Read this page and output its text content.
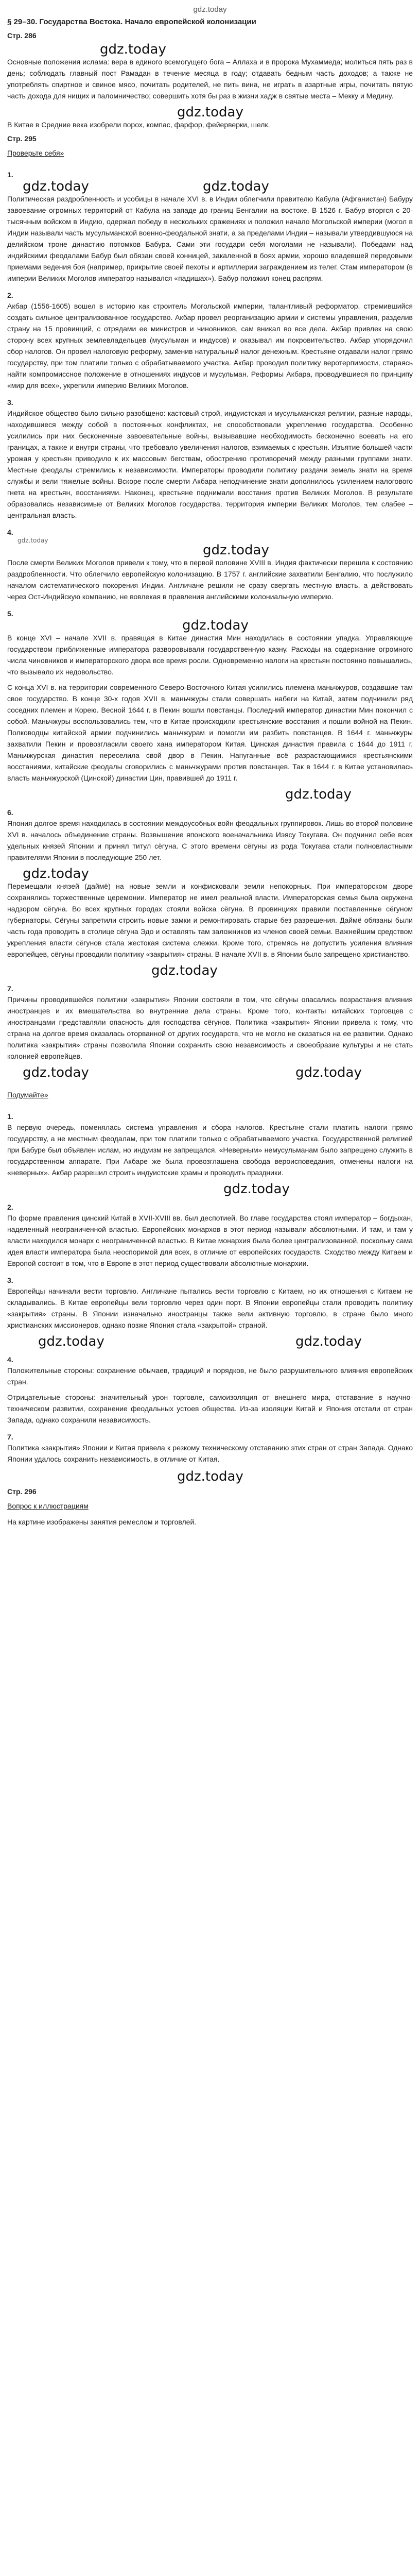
gdz.today
§ 29–30. Государства Востока. Начало европейской колонизации
Стр. 286
gdz.today

Основные положения ислама: вера в единого всемогущего бога – Аллаха и в пророка Мухаммеда; молиться пять раз в день; соблюдать главный пост Рамадан в течение месяца в году; отдавать бедным часть доходов; а также не употреблять спиртное и свиное мясо, почитать родителей, не пить вина, не играть в азартные игры, почитать пятую часть дохода для нищих и паломничество; совершить хотя бы раз в жизни хадж в святые места – Мекку и Медину.

gdz.today

В Китае в Средние века изобрели порох, компас, фарфор, фейерверки, шелк.

Стр. 295
Проверьте себя»
1.
gdz.today	gdz.today

Политическая раздробленность и усобицы в начале XVI в. в Индии облегчили правителю Кабула (Афганистан) Бабуру завоевание огромных территорий от Кабула на западе до границ Бенгалии на востоке. В 1526 г. Бабур вторгся с 20-тысячным войском в Индию, одержал победу в нескольких сражениях и положил начало Могольской империи (могол в Индии называли часть мусульманской военно-феодальной знати, а за пределами Индии – называли утвердившуюся на делийском троне династию потомков Бабура. Сами эти государи себя моголами не называли). Победами над индийскими феодалами Бабур был обязан своей конницей, закаленной в боях армии, хорошо владевшей передовыми приемами ведения боя (например, прикрытие своей пехоты и артиллерии заграждением из телег. Стам императором (в империи Великих Моголов император назывался «падишах»). Бабур положил конец распрям.

2.

Акбар (1556-1605) вошел в историю как строитель Могольской империи, талантливый реформатор, стремившийся создать сильное централизованное государство. Акбар провел реорганизацию армии и системы управления, разделив страну на 15 провинций, с отрядами ее министров и чиновников, сам вникал во все дела. Акбар привлек на свою сторону всех крупных землевладельцев (мусульман и индусов) и оказывал им покровительство. Акбар упорядочил сбор налогов. Он провел налоговую реформу, заменив натуральный налог денежным. Крестьяне отдавали налог прямо государству, при том платили только с обрабатываемого участка. Акбар проводил политику веротерпимости, стараясь найти компромиссное положение в отношениях индусов и мусульман. Реформы Акбара, проводившиеся по принципу «мир для всех», укрепили империю Великих Моголов.

3.

Индийское общество было сильно разобщено: кастовый строй, индуистская и мусульманская религии, разные народы, находившиеся между собой в постоянных конфликтах, не способствовали укреплению государства. Особенно усилились при них бесконечные завоевательные войны, вызывавшие необходимость бесконечно воевать на его границах, а также и внутри страны, что требовало увеличения налогов, взимаемых с крестьян. Изъятие большей части урожая у крестьян приводило к их массовым бегствам, обострению противоречий между разными группами знати. Местные феодалы стремились к независимости. Императоры проводили политику раздачи земель знати на время службы и вели тяжелые войны. Вскоре после смерти Акбара неподчинение знати дополнилось усилением налогового гнета на крестьян, восстаниями. Наконец, крестьяне поднимали восстания против Великих Моголов. В результате образовались независимые от Великих Моголов государства, территория империи Великих Моголов, тем слабее – центральная власть.

4.
gdz.today
gdz.today

После смерти Великих Моголов привели к тому, что в первой половине XVIII в. Индия фактически перешла к состоянию раздробленности. Что облегчило европейскую колонизацию. В 1757 г. английские захватили Бенгалию, что послужило началом систематического покорения Индии. Англичане решили не сразу свергать местную власть, а действовать через Ост-Индийскую компанию, не вовлекая в правления английскими колониальную империю.

5.
gdz.today

В конце XVI – начале XVII в. правящая в Китае династия Мин находилась в состоянии упадка. Управляющие государством приближенные императора разворовывали государственную казну. Расходы на содержание огромного числа чиновников и императорского двора все время росли. Одновременно налоги на крестьян постоянно повышались, что вызывало их недовольство.

С конца XVI в. на территории современного Северо-Восточного Китая усилились племена маньчжуров, создавшие там свое государство. В конце 30-х годов XVII в. маньчжуры стали совершать набеги на Китай, затем подчинили ряд соседних племен и Корею. Весной 1644 г. в Пекин вошли повстанцы. Последний император династии Мин покончил с собой. Маньчжуры воспользовались тем, что в Китае происходили крестьянские восстания и пошли войной на Пекин. Полководцы китайской армии подчинились маньчжурам и помогли им разбить повстанцев. В 1644 г. маньчжуры захватили Пекин и провозгласили своего хана императором Китая. Цинская династия правила с 1644 до 1911 г. Маньчжурская династия переселила свой двор в Пекин. Напуганные всё разрастающимися крестьянскими восстаниями, китайские феодалы сговорились с маньчжурами против повстанцев. Так в 1644 г. в Китае установилась власть маньчжурской (Цинской) династии Цин, правившей до 1911 г.

gdz.today
6.

Япония долгое время находилась в состоянии междоусобных войн феодальных группировок. Лишь во второй половине XVI в. началось объединение страны. Возвышение японского военачальника Иэясу Токугава. Он подчинил себе всех удельных князей Японии и принял титул сёгуна. С этого времени сёгуны из рода Токугава стали полновластными правителями Японии в последующие 250 лет.

gdz.today

Перемещали князей (даймё) на новые земли и конфисковали земли непокорных. При императорском дворе сохранялись торжественные церемонии. Император не имел реальной власти. Императорская семья была окружена надзором сёгуна. Во всех крупных городах стояли войска сёгуна. В провинциях правили поставленные сёгуном губернаторы. Сёгуны запретили строить новые замки и ремонтировать старые без разрешения. Даймё обязаны были часть года проводить в столице сёгуна Эдо и оставлять там заложников из членов своей семьи. Важнейшим средством укрепления власти сёгунов стала жестокая система слежки. Кроме того, стремясь не допустить усиления влияния европейцев, сёгуны проводили политику «закрытия» страны. В начале XVII в. в Японии было запрещено христианство.

gdz.today
7.

Причины проводившейся политики «закрытия» Японии состояли в том, что сёгуны опасались возрастания влияния иностранцев и их вмешательства во внутренние дела страны. Кроме того, контакты китайских торговцев с иностранцами представляли опасность для господства сёгунов. Политика «закрытия» Японии привела к тому, что страна на долгое время оказалась оторванной от других государств, что не могло не сказаться на ее развитии. Однако политика «закрытия» страны позволила Японии сохранить свою независимость и своеобразие культуры и не стать колонией европейцев.

gdz.today	gdz.today
Подумайте»
1.

В первую очередь, поменялась система управления и сбора налогов. Крестьяне стали платить налоги прямо государству, а не местным феодалам, при том платили только с обрабатываемого участка. Государственной религией при Бабуре был объявлен ислам, но индуизм не запрещался. «Неверным» немусульманам было запрещено служить в государственном аппарате. При Акбаре же была провозглашена свобода вероисповедания, отменены налоги на «неверных». Акбар разрешил строить индуистские храмы и проводить праздники.

gdz.today
2.

По форме правления цинский Китай в XVII-XVIII вв. был деспотией. Во главе государства стоял император – богдыхан, наделенный неограниченной властью. Европейских монархов в этот период называли абсолютными. И там, и там у власти находился монарх с неограниченной властью. В Китае монархия была более централизованной, поскольку сама идея власти императора была неоспоримой для всех, в отличие от европейских государств. Сходство между Китаем и Европой состоит в том, что в Европе в этот период существовали абсолютные монархии.

3.

Европейцы начинали вести торговлю. Англичане пытались вести торговлю с Китаем, но их отношения с Китаем не складывались. В Китае европейцы вели торговлю через один порт. В Японии европейцы стали проводить политику «закрытия» страны. В Японии изначально иностранцы также вели активную торговлю, в стране было много христианских миссионеров, однако позже Япония стала «закрытой» страной.

gdz.today	gdz.today
4.

Положительные стороны: сохранение обычаев, традиций и порядков, не было разрушительного влияния европейских стран.

Отрицательные стороны: значительный урон торговле, самоизоляция от внешнего мира, отставание в научно-техническом развитии, сохранение феодальных устоев общества. Из-за изоляции Китай и Япония отстали от стран Запада, однако сохранили независимость.

7.

Политика «закрытия» Японии и Китая привела к резкому техническому отставанию этих стран от стран Запада. Однако Японии удалось сохранить независимость, в отличие от Китая.

gdz.today
Стр. 296
Вопрос к иллюстрациям

На картине изображены занятия ремеслом и торговлей.
